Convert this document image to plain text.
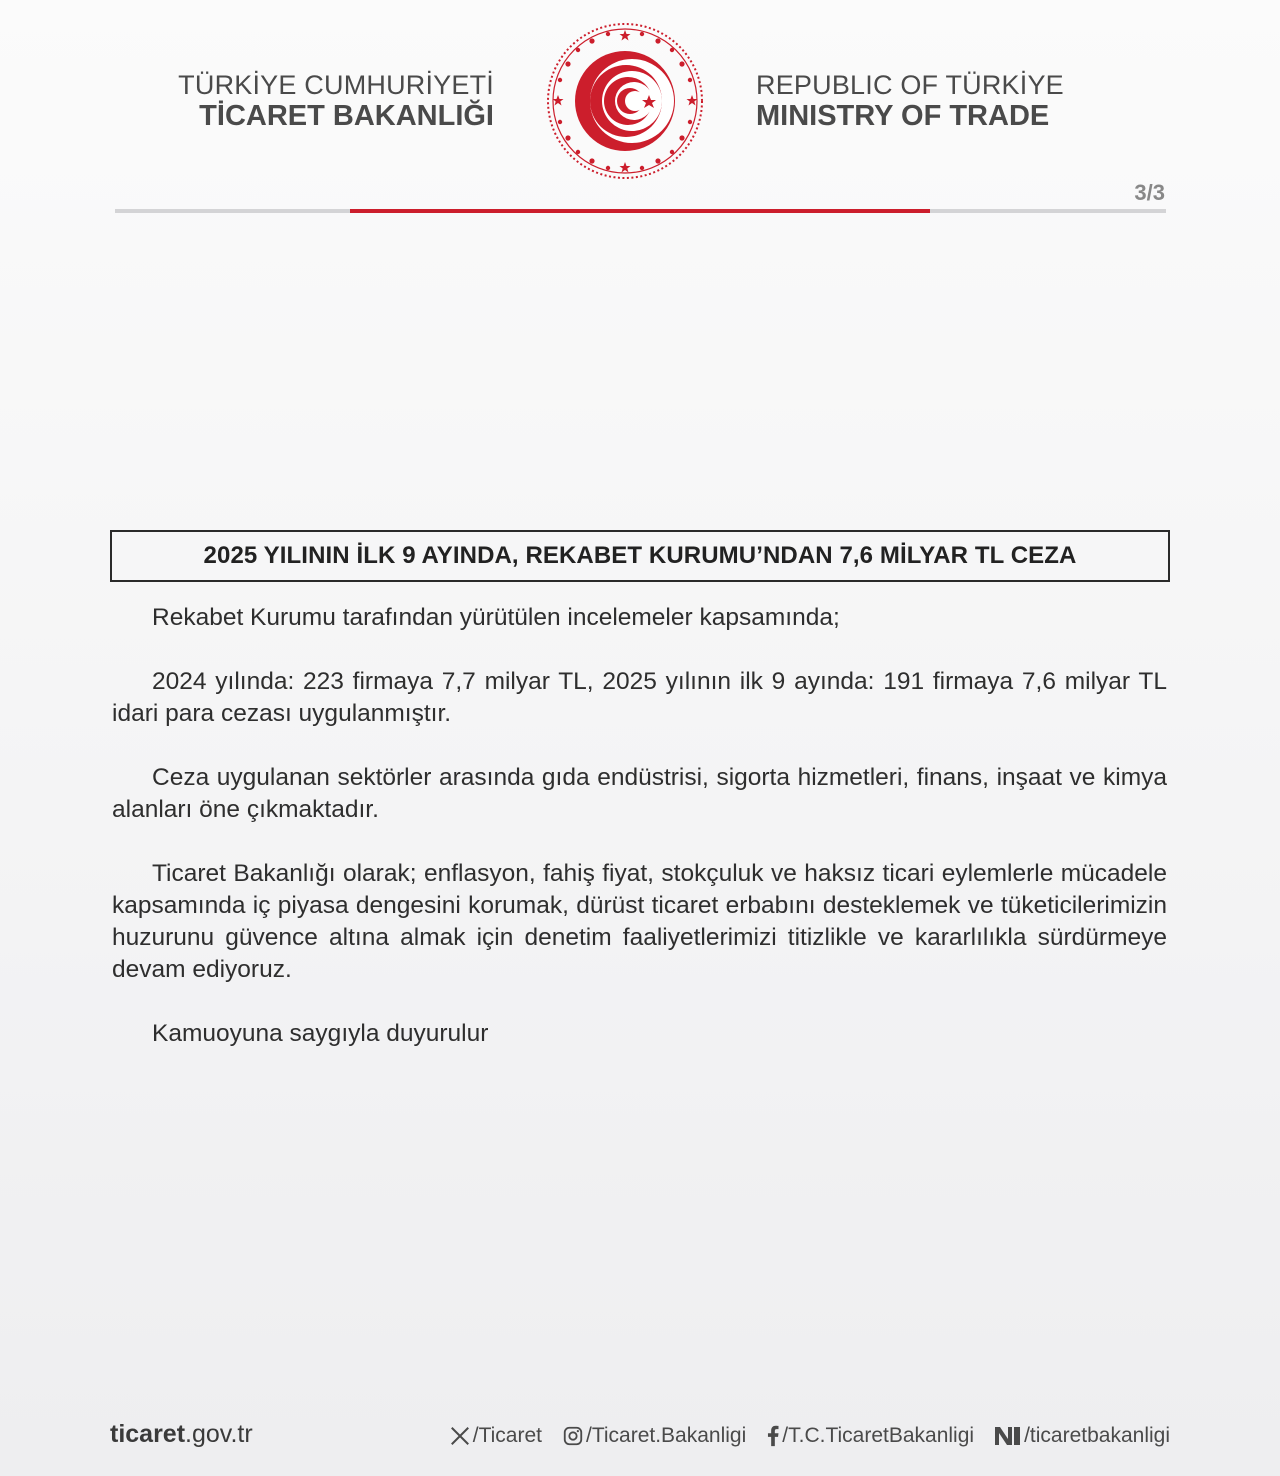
TÜRKİYE CUMHURİYETİ
TİCARET BAKANLIĞI
REPUBLIC OF TÜRKİYE
MINISTRY OF TRADE
3/3
2025 YILININ İLK 9 AYINDA, REKABET KURUMU’NDAN 7,6 MİLYAR TL CEZA

Rekabet Kurumu tarafından yürütülen incelemeler kapsamında;

2024 yılında: 223 firmaya 7,7 milyar TL, 2025 yılının ilk 9 ayında: 191 firmaya 7,6 milyar TL idari para cezası uygulanmıştır.

Ceza uygulanan sektörler arasında gıda endüstrisi, sigorta hizmetleri, finans, inşaat ve kimya alanları öne çıkmaktadır.

Ticaret Bakanlığı olarak; enflasyon, fahiş fiyat, stokçuluk ve haksız ticari eylemlerle mücadele kapsamında iç piyasa dengesini korumak, dürüst ticaret erbabını desteklemek ve tüketicilerimizin huzurunu güvence altına almak için denetim faaliyetlerimizi titizlikle ve kararlılıkla sürdürmeye devam ediyoruz.

Kamuoyuna saygıyla duyurulur

ticaret.gov.tr	/Ticaret /Ticaret.Bakanligi /T.C.TicaretBakanligi /ticaretbakanligi
